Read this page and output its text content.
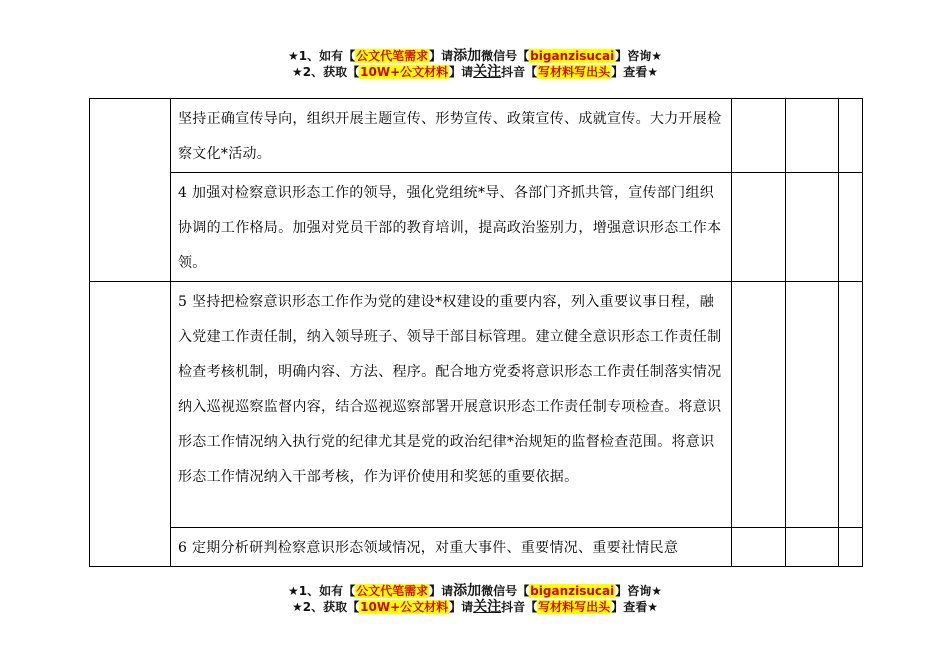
★1、如有【公文代笔需求】请添加微信号【biganzisucai】咨询★
★2、获取【10W+公文材料】请关注抖音【写材料写出头】查看★

	坚持正确宣传导向，组织开展主题宣传、形势宣传、政策宣传、成就宣传。大力开展检察文化*活动。			

	4 加强对检察意识形态工作的领导，强化党组统*导、各部门齐抓共管，宣传部门组织协调的工作格局。加强对党员干部的教育培训，提高政治鉴别力，增强意识形态工作本领。			

	5 坚持把检察意识形态工作作为党的建设*权建设的重要内容，列入重要议事日程，融入党建工作责任制，纳入领导班子、领导干部目标管理。建立健全意识形态工作责任制检查考核机制，明确内容、方法、程序。配合地方党委将意识形态工作责任制落实情况纳入巡视巡察监督内容，结合巡视巡察部署开展意识形态工作责任制专项检查。将意识形态工作情况纳入执行党的纪律尤其是党的政治纪律*治规矩的监督检查范围。将意识形态工作情况纳入干部考核，作为评价使用和奖惩的重要依据。			

	6 定期分析研判检察意识形态领域情况，对重大事件、重要情况、重要社情民意			

★1、如有【公文代笔需求】请添加微信号【biganzisucai】咨询★
★2、获取【10W+公文材料】请关注抖音【写材料写出头】查看★
